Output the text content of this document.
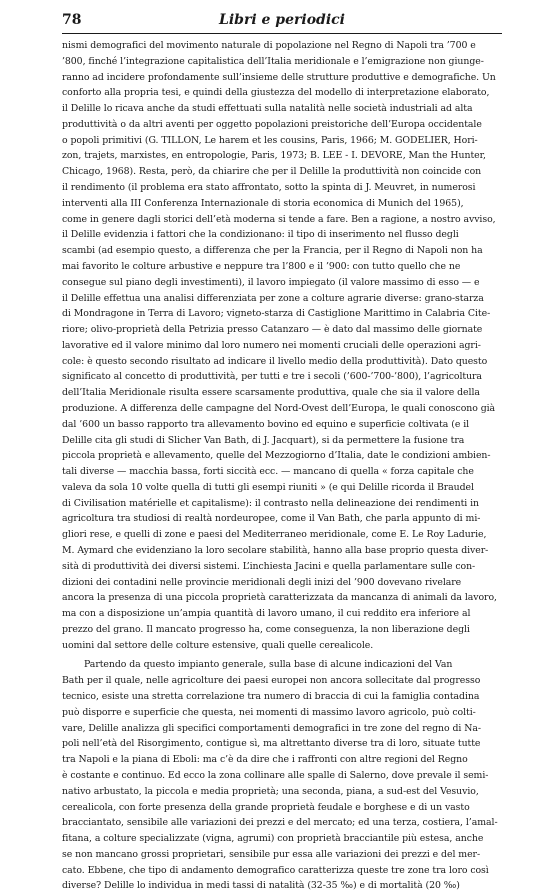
78	Libri e periodici
nismi demografici del movimento naturale di popolazione nel Regno di Napoli tra ’700 e
’800, finché l’integrazione capitalistica dell’Italia meridionale e l’emigrazione non giunge-
ranno ad incidere profondamente sull’insieme delle strutture produttive e demografiche. Un
conforto alla propria tesi, e quindi della giustezza del modello di interpretazione elaborato,
il Delille lo ricava anche da studi effettuati sulla natalità nelle società industriali ad alta
produttività o da altri aventi per oggetto popolazioni preistoriche dell’Europa occidentale
o popoli primitivi (G. TILLON, Le harem et les cousins, Paris, 1966; M. GODELIER, Hori-
zon, trajets, marxistes, en entropologie, Paris, 1973; B. LEE - I. DEVORE, Man the Hunter,
Chicago, 1968). Resta, però, da chiarire che per il Delille la produttività non coincide con
il rendimento (il problema era stato affrontato, sotto la spinta di J. Meuvret, in numerosi
interventi alla III Conferenza Internazionale di storia economica di Munich del 1965),
come in genere dagli storici dell’età moderna si tende a fare. Ben a ragione, a nostro avviso,
il Delille evidenzia i fattori che la condizionano: il tipo di inserimento nel flusso degli
scambi (ad esempio questo, a differenza che per la Francia, per il Regno di Napoli non ha
mai favorito le colture arbustive e neppure tra l’800 e il ’900: con tutto quello che ne
consegue sul piano degli investimenti), il lavoro impiegato (il valore massimo di esso — e
il Delille effettua una analisi differenziata per zone a colture agrarie diverse: grano-starza
di Mondragone in Terra di Lavoro; vigneto-starza di Castiglione Marittimo in Calabria Cite-
riore; olivo-proprietà della Petrizia presso Catanzaro — è dato dal massimo delle giornate
lavorative ed il valore minimo dal loro numero nei momenti cruciali delle operazioni agri-
cole: è questo secondo risultato ad indicare il livello medio della produttività). Dato questo
significato al concetto di produttività, per tutti e tre i secoli (’600-’700-’800), l’agricoltura
dell’Italia Meridionale risulta essere scarsamente produttiva, quale che sia il valore della
produzione. A differenza delle campagne del Nord-Ovest dell’Europa, le quali conoscono già
dal ’600 un basso rapporto tra allevamento bovino ed equino e superficie coltivata (e il
Delille cita gli studi di Slicher Van Bath, di J. Jacquart), si da permettere la fusione tra
piccola proprietà e allevamento, quelle del Mezzogiorno d’Italia, date le condizioni ambien-
tali diverse — macchia bassa, forti siccità ecc. — mancano di quella « forza capitale che
valeva da sola 10 volte quella di tutti gli esempi riuniti » (e qui Delille ricorda il Braudel
di Civilisation matérielle et capitalisme): il contrasto nella delineazione dei rendimenti in
agricoltura tra studiosi di realtà nordeuropee, come il Van Bath, che parla appunto di mi-
gliori rese, e quelli di zone e paesi del Mediterraneo meridionale, come E. Le Roy Ladurie,
M. Aymard che evidenziano la loro secolare stabilità, hanno alla base proprio questa diver-
sità di produttività dei diversi sistemi. L’inchiesta Jacini e quella parlamentare sulle con-
dizioni dei contadini nelle provincie meridionali degli inizi del ’900 dovevano rivelare
ancora la presenza di una piccola proprietà caratterizzata da mancanza di animali da lavoro,
ma con a disposizione un’ampia quantità di lavoro umano, il cui reddito era inferiore al
prezzo del grano. Il mancato progresso ha, come conseguenza, la non liberazione degli
uomini dal settore delle colture estensive, quali quelle cerealicole.
Partendo da questo impianto generale, sulla base di alcune indicazioni del Van
Bath per il quale, nelle agricolture dei paesi europei non ancora sollecitate dal progresso
tecnico, esiste una stretta correlazione tra numero di braccia di cui la famiglia contadina
può disporre e superficie che questa, nei momenti di massimo lavoro agricolo, può colti-
vare, Delille analizza gli specifici comportamenti demografici in tre zone del regno di Na-
poli nell’età del Risorgimento, contigue sì, ma altrettanto diverse tra di loro, situate tutte
tra Napoli e la piana di Eboli: ma c’è da dire che i raffronti con altre regioni del Regno
è costante e continuo. Ed ecco la zona collinare alle spalle di Salerno, dove prevale il semi-
nativo arbustato, la piccola e media proprietà; una seconda, piana, a sud-est del Vesuvio,
cerealicola, con forte presenza della grande proprietà feudale e borghese e di un vasto
bracciantato, sensibile alle variazioni dei prezzi e del mercato; ed una terza, costiera, l’amal-
fitana, a colture specializzate (vigna, agrumi) con proprietà bracciantile più estesa, anche
se non mancano grossi proprietari, sensibile pur essa alle variazioni dei prezzi e del mer-
cato. Ebbene, che tipo di andamento demografico caratterizza queste tre zone tra loro così
diverse? Delille lo individua in medi tassi di natalità (32-35 ‰) e di mortalità (20 ‰)
